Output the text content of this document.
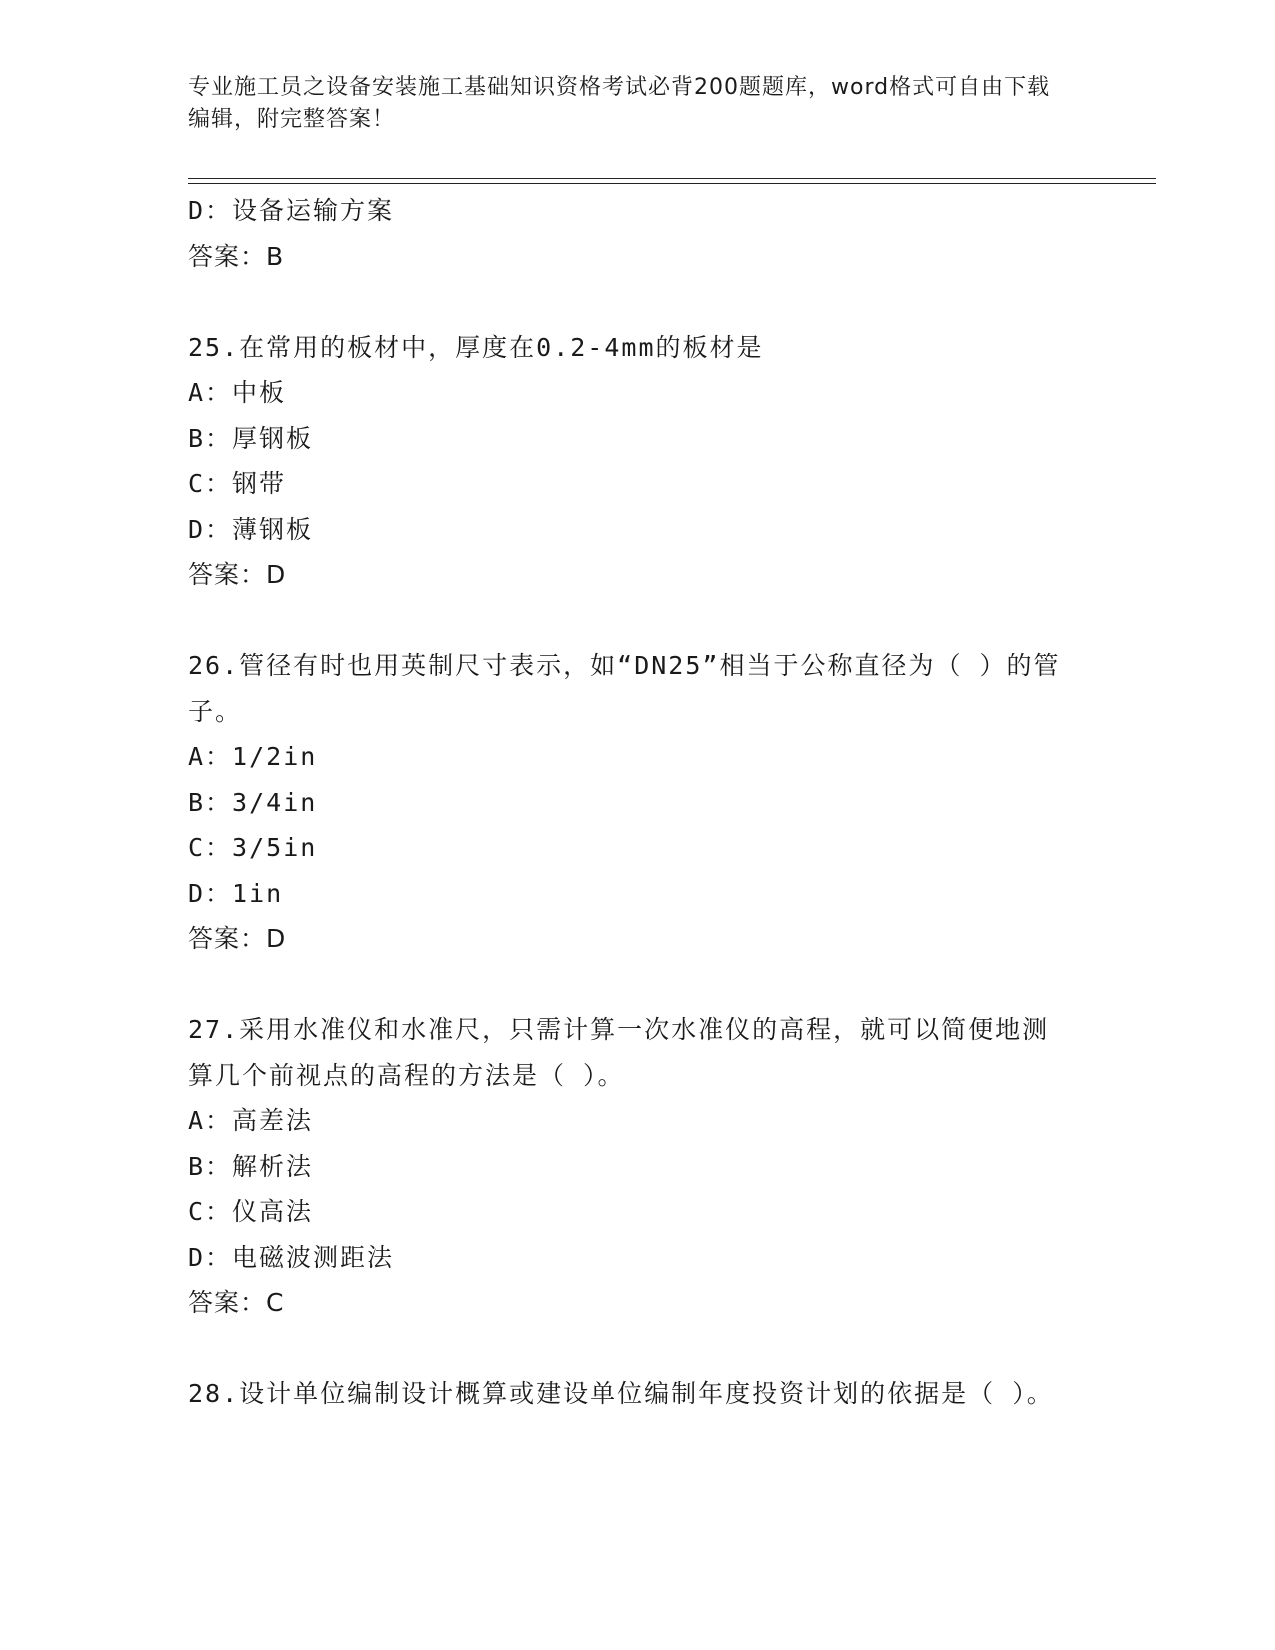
专业施工员之设备安装施工基础知识资格考试必背200题题库，word格式可自由下载编辑，附完整答案！
D：设备运输方案
答案：B
25.在常用的板材中，厚度在0.2-4mm的板材是
A：中板
B：厚钢板
C：钢带
D：薄钢板
答案：D
26.管径有时也用英制尺寸表示，如“DN25”相当于公称直径为（ ）的管子。
A：1/2in
B：3/4in
C：3/5in
D：1in
答案：D
27.采用水准仪和水准尺，只需计算一次水准仪的高程，就可以简便地测算几个前视点的高程的方法是（ ）。
A：高差法
B：解析法
C：仪高法
D：电磁波测距法
答案：C
28.设计单位编制设计概算或建设单位编制年度投资计划的依据是（ ）。
